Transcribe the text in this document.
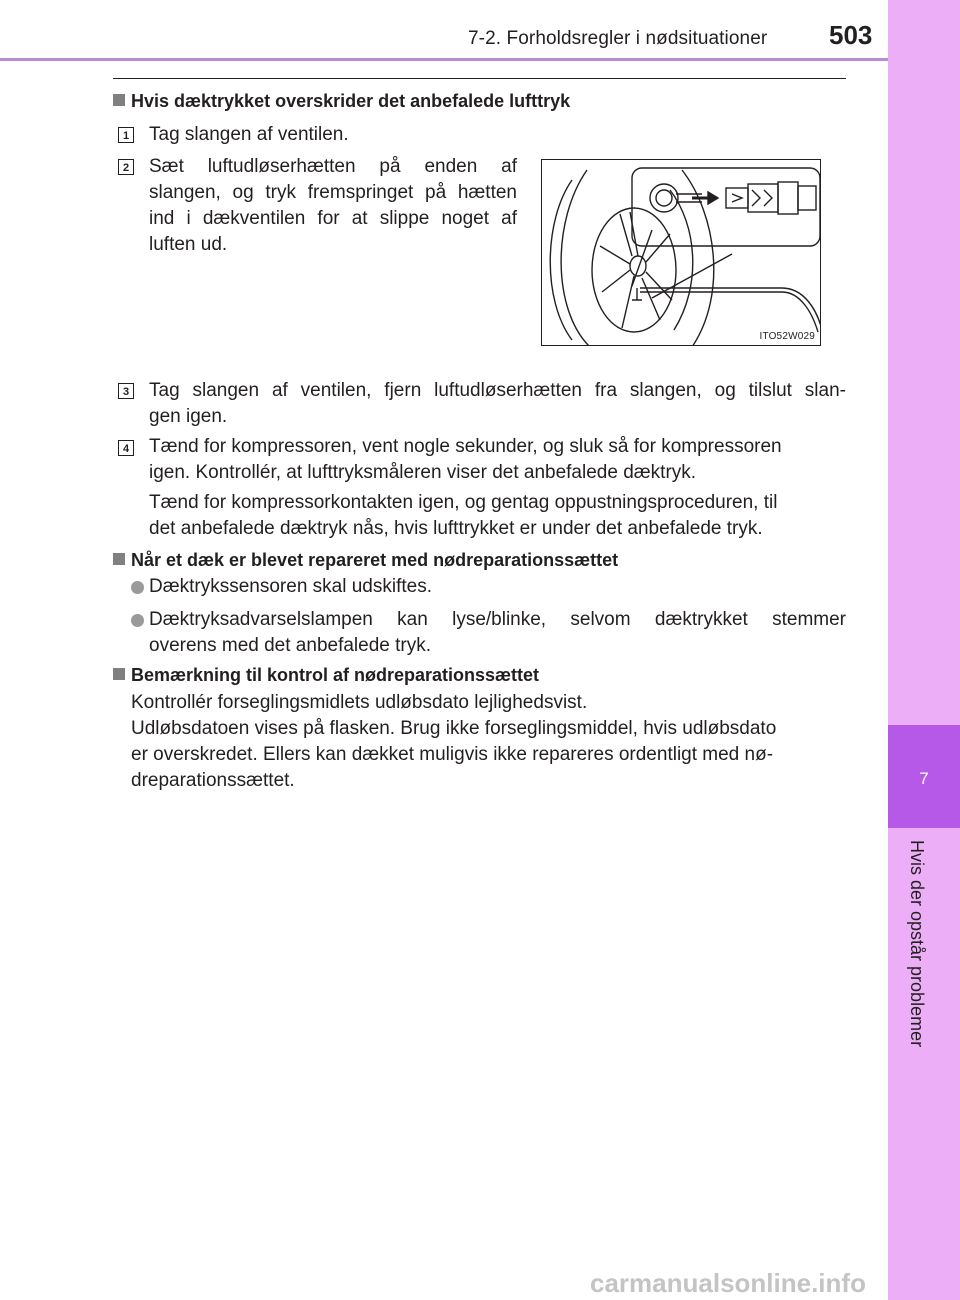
7-2. Forholdsregler i nødsituationer 503
7
Hvis der opstår problemer
Hvis dæktrykket overskrider det anbefalede lufttryk
1 Tag slangen af ventilen.
2 Sæt luftudløserhætten på enden af
slangen, og tryk fremspringet på hætten
ind i dækventilen for at slippe noget af
luften ud.
ITO52W029
3 Tag slangen af ventilen, fjern luftudløserhætten fra slangen, og tilslut slan-
gen igen.
4 Tænd for kompressoren, vent nogle sekunder, og sluk så for kompressoren
igen. Kontrollér, at lufttryksmåleren viser det anbefalede dæktryk.
Tænd for kompressorkontakten igen, og gentag oppustningsproceduren, til
det anbefalede dæktryk nås, hvis lufttrykket er under det anbefalede tryk.
Når et dæk er blevet repareret med nødreparationssættet
Dæktrykssensoren skal udskiftes.
Dæktryksadvarselslampen kan lyse/blinke, selvom dæktrykket stemmer
overens med det anbefalede tryk.
Bemærkning til kontrol af nødreparationssættet
Kontrollér forseglingsmidlets udløbsdato lejlighedsvist.
Udløbsdatoen vises på flasken. Brug ikke forseglingsmiddel, hvis udløbsdato
er overskredet. Ellers kan dækket muligvis ikke repareres ordentligt med nø-
dreparationssættet.
carmanualsonline.info
